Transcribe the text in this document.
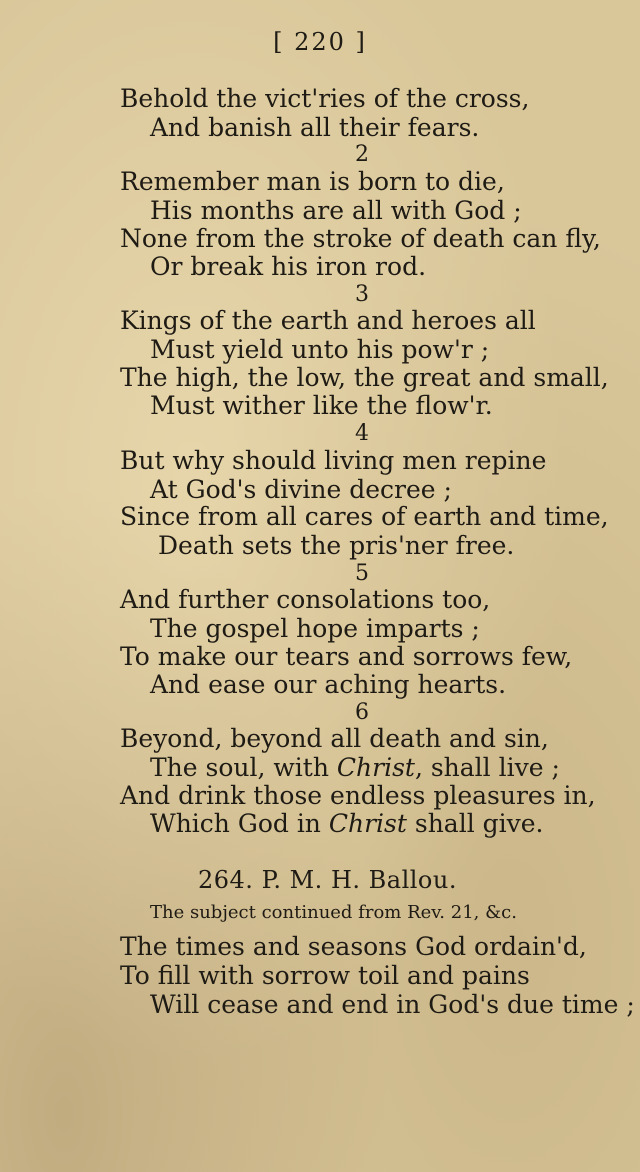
[ 220 ]
Behold the vict'ries of the cross,
And banish all their fears.
2
Remember man is born to die,
His months are all with God ;
None from the stroke of death can fly,
Or break his iron rod.
3
Kings of the earth and heroes all
Must yield unto his pow'r ;
The high, the low, the great and small,
Must wither like the flow'r.
4
But why should living men repine
At God's divine decree ;
Since from all cares of earth and time,
Death sets the pris'ner free.
5
And further consolations too,
The gospel hope imparts ;
To make our tears and sorrows few,
And ease our aching hearts.
6
Beyond, beyond all death and sin,
The soul, with Christ, shall live ;
And drink those endless pleasures in,
Which God in Christ shall give.
264. P. M. H. Ballou.
The subject continued from Rev. 21, &c.
The times and seasons God ordain'd,
To fill with sorrow toil and pains
Will cease and end in God's due time ;
